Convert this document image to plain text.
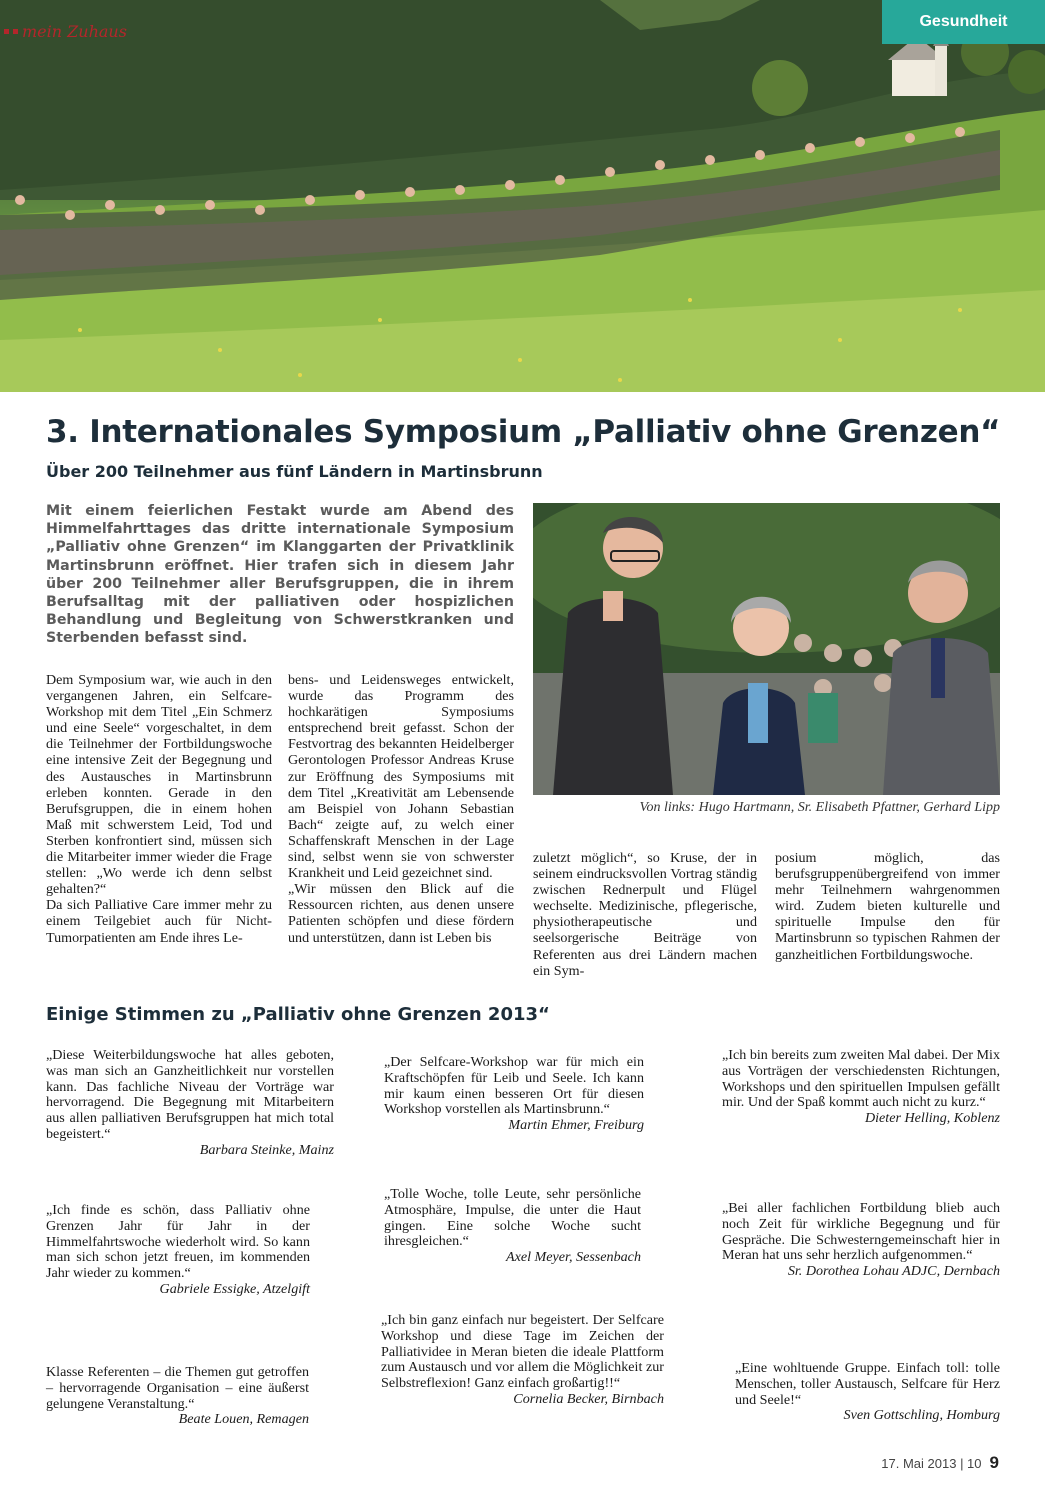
mein Zuhaus
Gesundheit
3. Internationales Symposium „Palliativ ohne Grenzen“
Über 200 Teilnehmer aus fünf Ländern in Martinsbrunn

Mit einem feierlichen Festakt wurde am Abend des Himmelfahrttages das dritte internationale Symposium „Palliativ ohne Grenzen“ im Klanggarten der Privatklinik Martinsbrunn eröffnet. Hier trafen sich in diesem Jahr über 200 Teilnehmer aller Berufsgruppen, die in ihrem Berufsalltag mit der palliativen oder hospizlichen Behandlung und Begleitung von Schwerstkranken und Sterbenden befasst sind.

Von links: Hugo Hartmann, Sr. Elisabeth Pfattner, Gerhard Lipp

Dem Symposium war, wie auch in den vergangenen Jahren, ein Selfcare-Workshop mit dem Titel „Ein Schmerz und eine Seele“ vorgeschaltet, in dem die Teilnehmer der Fortbildungswoche eine intensive Zeit der Begegnung und des Austausches in Martinsbrunn erleben konnten. Gerade in den Berufsgruppen, die in einem hohen Maß mit schwerstem Leid, Tod und Sterben konfrontiert sind, müssen sich die Mitarbeiter immer wieder die Frage stellen: „Wo werde ich denn selbst gehalten?“

Da sich Palliative Care immer mehr zu einem Teilgebiet auch für Nicht-Tumorpatienten am Ende ihres Le-

bens- und Leidensweges entwickelt, wurde das Programm des hochkarätigen Symposiums entsprechend breit gefasst. Schon der Festvortrag des bekannten Heidelberger Gerontologen Professor Andreas Kruse zur Eröffnung des Symposiums mit dem Titel „Kreativität am Lebensende am Beispiel von Johann Sebastian Bach“ zeigte auf, zu welch einer Schaffenskraft Menschen in der Lage sind, selbst wenn sie von schwerster Krankheit und Leid gezeichnet sind.

„Wir müssen den Blick auf die Ressourcen richten, aus denen unsere Patienten schöpfen und diese fördern und unterstützen, dann ist Leben bis

zuletzt möglich“, so Kruse, der in seinem eindrucksvollen Vortrag ständig zwischen Rednerpult und Flügel wechselte. Medizinische, pflegerische, physiotherapeutische und seelsorgerische Beiträge von Referenten aus drei Ländern machen ein Sym-

posium möglich, das berufsgruppenübergreifend von immer mehr Teilnehmern wahrgenommen wird. Zudem bieten kulturelle und spirituelle Impulse den für Martinsbrunn so typischen Rahmen der ganzheitlichen Fortbildungswoche.

Einige Stimmen zu „Palliativ ohne Grenzen 2013“
„Diese Weiterbildungswoche hat alles geboten, was man sich an Ganzheitlichkeit nur vorstellen kann. Das fachliche Niveau der Vorträge war hervorragend. Die Begegnung mit Mitarbeitern aus allen palliativen Berufsgruppen hat mich total begeistert.“
Barbara Steinke, Mainz
„Der Selfcare-Workshop war für mich ein Kraftschöpfen für Leib und Seele. Ich kann mir kaum einen besseren Ort für diesen Workshop vorstellen als Martinsbrunn.“
Martin Ehmer, Freiburg
„Ich bin bereits zum zweiten Mal dabei. Der Mix aus Vorträgen der verschiedensten Richtungen, Workshops und den spirituellen Impulsen gefällt mir. Und der Spaß kommt auch nicht zu kurz.“
Dieter Helling, Koblenz
„Ich finde es schön, dass Palliativ ohne Grenzen Jahr für Jahr in der Himmelfahrtswoche wiederholt wird. So kann man sich schon jetzt freuen, im kommenden Jahr wieder zu kommen.“
Gabriele Essigke, Atzelgift
„Tolle Woche, tolle Leute, sehr persönliche Atmosphäre, Impulse, die unter die Haut gingen. Eine solche Woche sucht ihresgleichen.“
Axel Meyer, Sessenbach
„Bei aller fachlichen Fortbildung blieb auch noch Zeit für wirkliche Begegnung und für Gespräche. Die Schwesterngemeinschaft hier in Meran hat uns sehr herzlich aufgenommen.“
Sr. Dorothea Lohau ADJC, Dernbach
„Ich bin ganz einfach nur begeistert. Der Selfcare Workshop und diese Tage im Zeichen der Palliatividee in Meran bieten die ideale Plattform zum Austausch und vor allem die Möglichkeit zur Selbstreflexion! Ganz einfach großartig!!“
Cornelia Becker, Birnbach
Klasse Referenten – die Themen gut getroffen – hervorragende Organisation – eine äußerst gelungene Veranstaltung.“
Beate Louen, Remagen
„Eine wohltuende Gruppe. Einfach toll: tolle Menschen, toller Austausch, Selfcare für Herz und Seele!“
Sven Gottschling, Homburg
17. Mai 2013 | 10 9
